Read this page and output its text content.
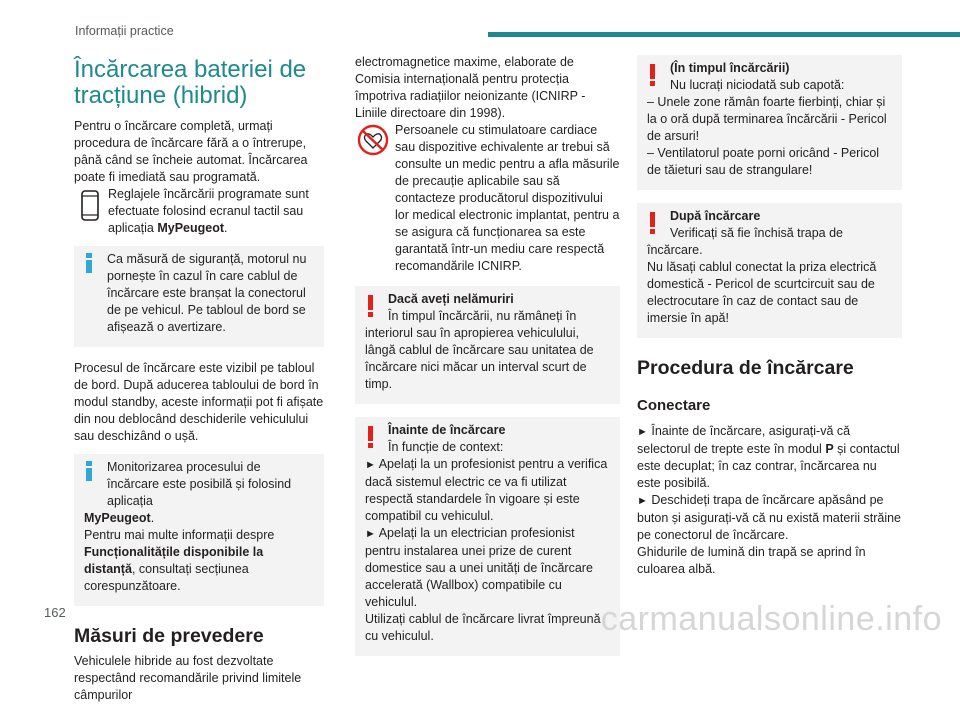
Informații practice
Încărcarea bateriei de tracțiune (hibrid)

Pentru o încărcare completă, urmați procedura de încărcare fără a o întrerupe, până când se încheie automat. Încărcarea poate fi imediată sau programată.

Reglajele încărcării programate sunt efectuate folosind ecranul tactil sau aplicația MyPeugeot.
Ca măsură de siguranță, motorul nu pornește în cazul în care cablul de încărcare este branșat la conectorul de pe vehicul. Pe tabloul de bord se afișează o avertizare.

Procesul de încărcare este vizibil pe tabloul de bord. După aducerea tabloului de bord în modul standby, aceste informații pot fi afișate din nou deblocând deschiderile vehiculului sau deschizând o ușă.

Monitorizarea procesului de încărcare este posibilă și folosind aplicația
MyPeugeot.
Pentru mai multe informații despre Funcționalitățile disponibile la distanță, consultați secțiunea corespunzătoare.
Măsuri de prevedere

Vehiculele hibride au fost dezvoltate respectând recomandările privind limitele câmpurilor

electromagnetice maxime, elaborate de Comisia internațională pentru protecția împotriva radiațiilor neionizante (ICNIRP - Liniile directoare din 1998).

Persoanele cu stimulatoare cardiace sau dispozitive echivalente ar trebui să consulte un medic pentru a afla măsurile de precauție aplicabile sau să contacteze producătorul dispozitivului lor medical electronic implantat, pentru a se asigura că funcționarea sa este garantată într-un mediu care respectă recomandările ICNIRP.
Dacă aveți nelămuriri
În timpul încărcării, nu rămâneți în interiorul sau în apropierea vehiculului, lângă cablul de încărcare sau unitatea de încărcare nici măcar un interval scurt de timp.
Înainte de încărcare
În funcție de context:
► Apelați la un profesionist pentru a verifica dacă sistemul electric ce va fi utilizat respectă standardele în vigoare și este compatibil cu vehiculul.
► Apelați la un electrician profesionist pentru instalarea unei prize de curent domestice sau a unei unități de încărcare accelerată (Wallbox) compatibile cu vehiculul.
Utilizați cablul de încărcare livrat împreună cu vehiculul.
(În timpul încărcării)
Nu lucrați niciodată sub capotă:
– Unele zone rămân foarte fierbinți, chiar și la o oră după terminarea încărcării - Pericol de arsuri!
– Ventilatorul poate porni oricând - Pericol de tăieturi sau de strangulare!
După încărcare
Verificați să fie închisă trapa de încărcare.
Nu lăsați cablul conectat la priza electrică domestică - Pericol de scurtcircuit sau de electrocutare în caz de contact sau de imersie în apă!
Procedura de încărcare
Conectare

► Înainte de încărcare, asigurați-vă că selectorul de trepte este în modul P și contactul este decuplat; în caz contrar, încărcarea nu este posibilă.

► Deschideți trapa de încărcare apăsând pe buton și asigurați-vă că nu există materii străine pe conectorul de încărcare.

Ghidurile de lumină din trapă se aprind în culoarea albă.

162	carmanualsonline.info
